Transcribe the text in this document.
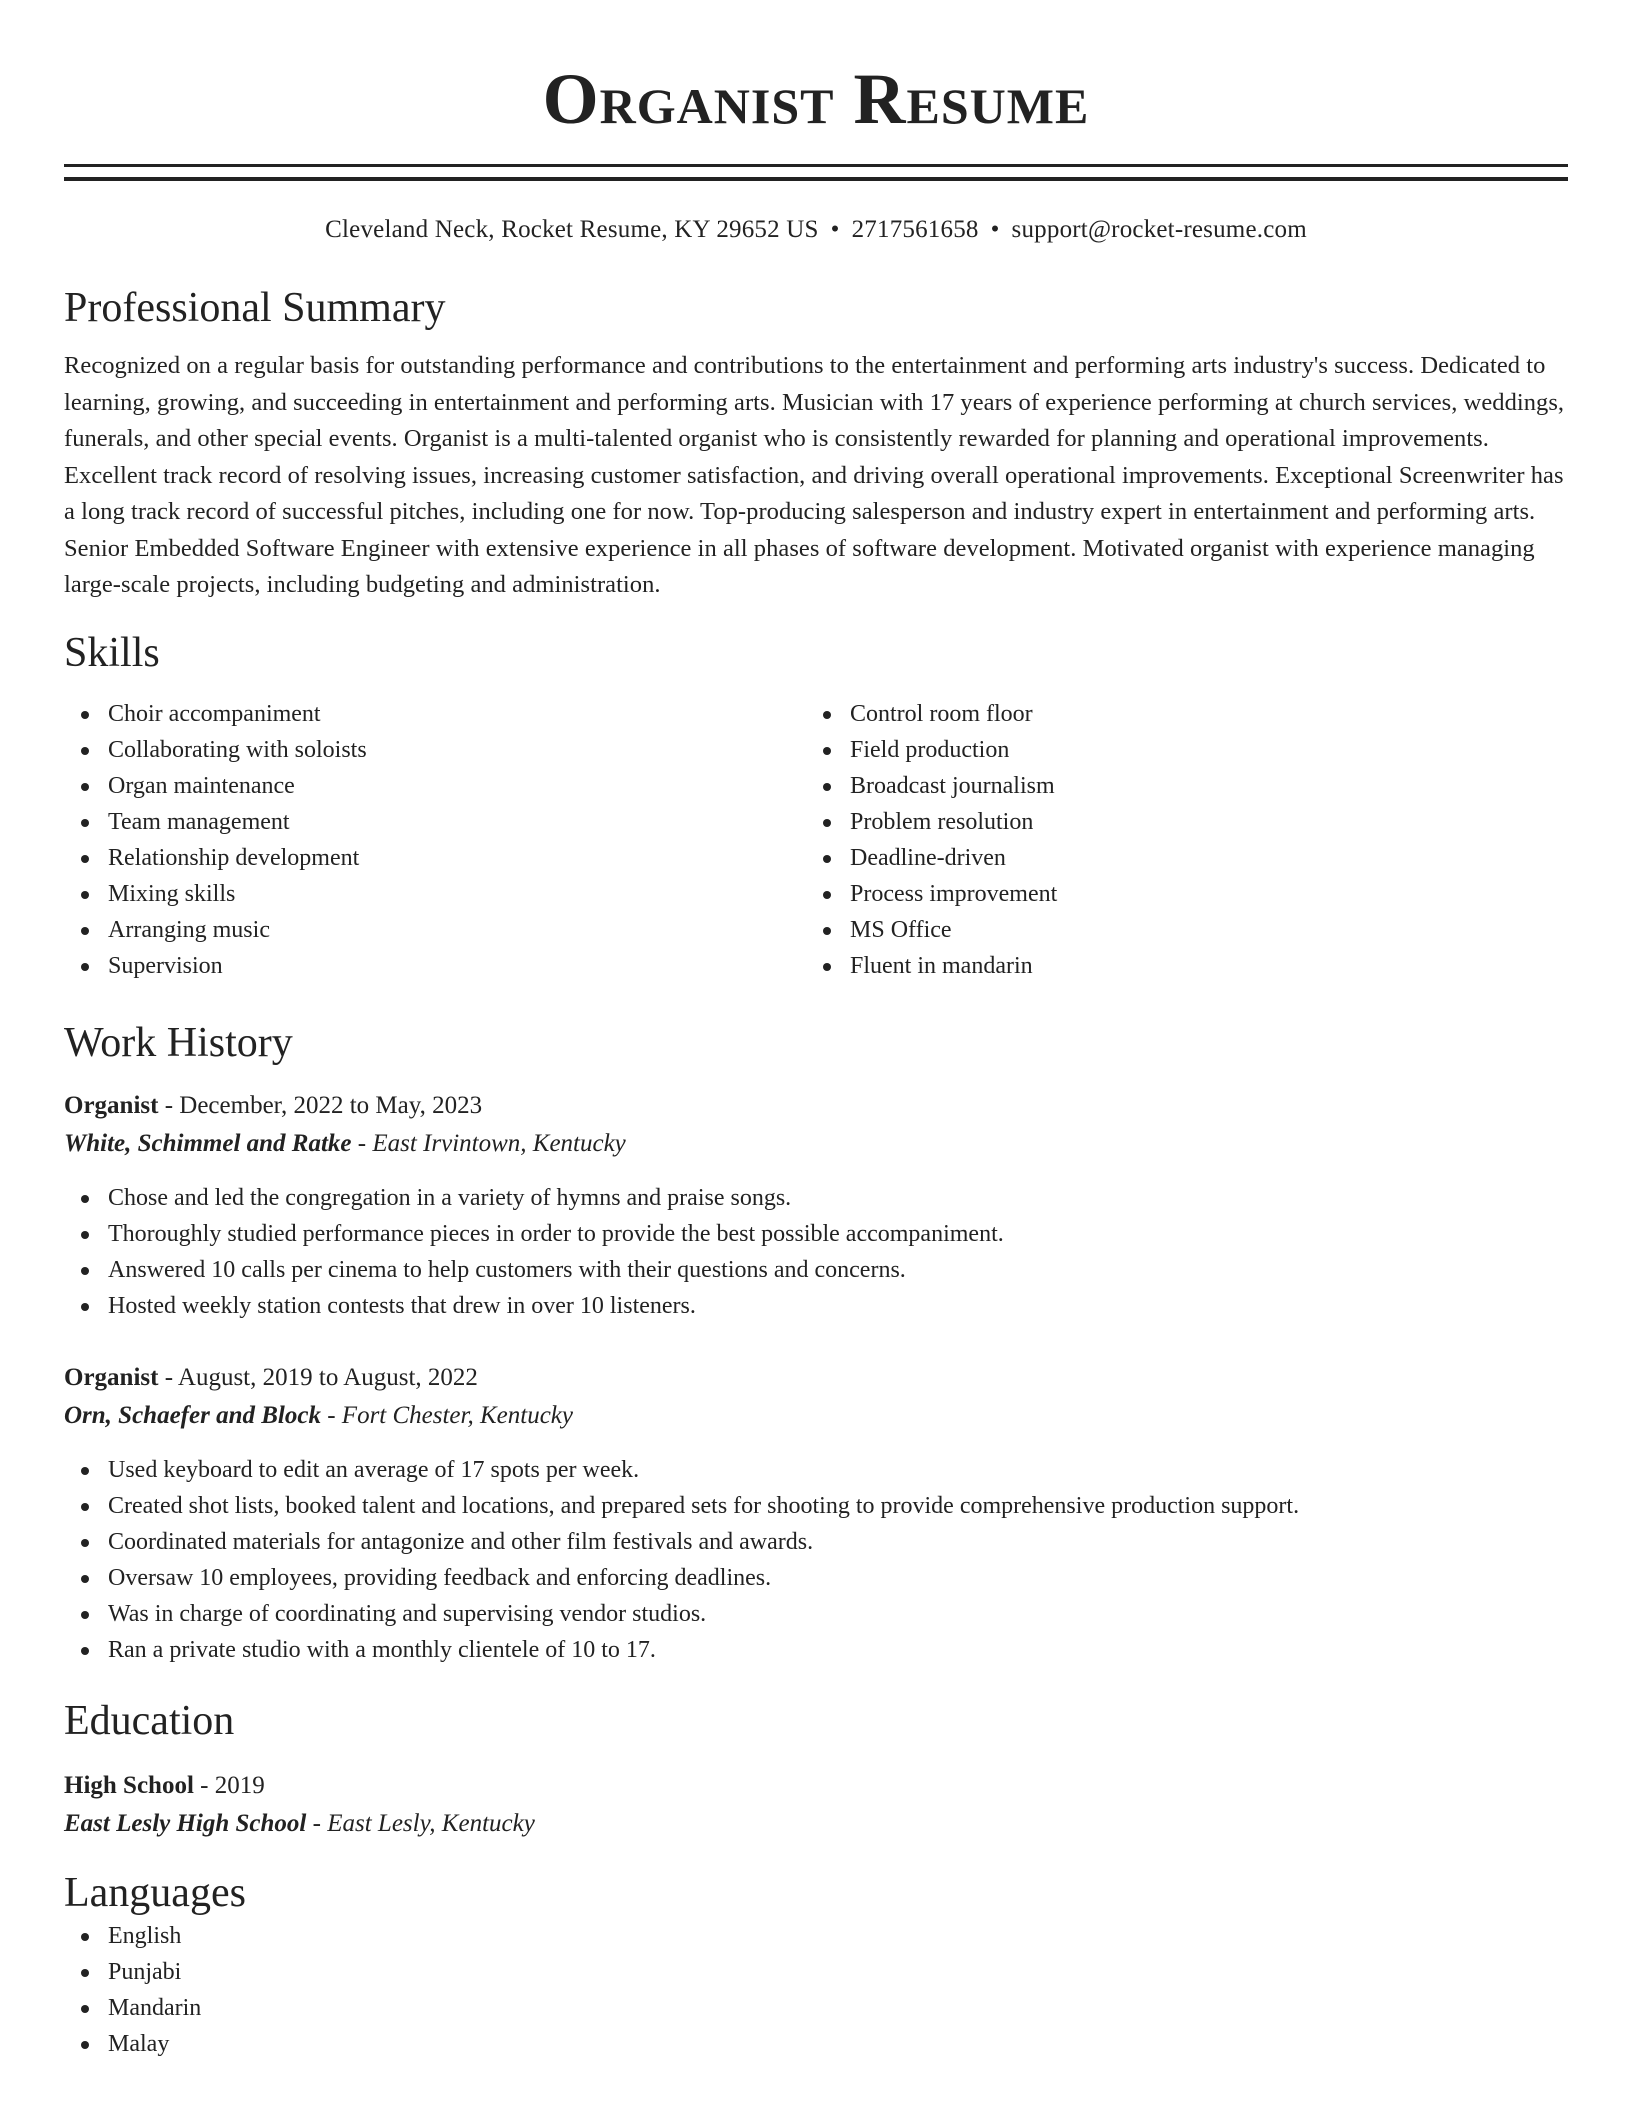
Organist Resume
Cleveland Neck, Rocket Resume, KY 29652 US • 2717561658 • support@rocket-resume.com
Professional Summary

Recognized on a regular basis for outstanding performance and contributions to the entertainment and performing arts industry's success. Dedicated to learning, growing, and succeeding in entertainment and performing arts. Musician with 17 years of experience performing at church services, weddings, funerals, and other special events. Organist is a multi-talented organist who is consistently rewarded for planning and operational improvements. Excellent track record of resolving issues, increasing customer satisfaction, and driving overall operational improvements. Exceptional Screenwriter has a long track record of successful pitches, including one for now. Top-producing salesperson and industry expert in entertainment and performing arts. Senior Embedded Software Engineer with extensive experience in all phases of software development. Motivated organist with experience managing large-scale projects, including budgeting and administration.

Skills
Choir accompaniment
Collaborating with soloists
Organ maintenance
Team management
Relationship development
Mixing skills
Arranging music
Supervision
Control room floor
Field production
Broadcast journalism
Problem resolution
Deadline-driven
Process improvement
MS Office
Fluent in mandarin
Work History
Organist - December, 2022 to May, 2023
White, Schimmel and Ratke - East Irvintown, Kentucky
Chose and led the congregation in a variety of hymns and praise songs.
Thoroughly studied performance pieces in order to provide the best possible accompaniment.
Answered 10 calls per cinema to help customers with their questions and concerns.
Hosted weekly station contests that drew in over 10 listeners.
Organist - August, 2019 to August, 2022
Orn, Schaefer and Block - Fort Chester, Kentucky
Used keyboard to edit an average of 17 spots per week.
Created shot lists, booked talent and locations, and prepared sets for shooting to provide comprehensive production support.
Coordinated materials for antagonize and other film festivals and awards.
Oversaw 10 employees, providing feedback and enforcing deadlines.
Was in charge of coordinating and supervising vendor studios.
Ran a private studio with a monthly clientele of 10 to 17.
Education
High School - 2019
East Lesly High School - East Lesly, Kentucky
Languages
English
Punjabi
Mandarin
Malay
